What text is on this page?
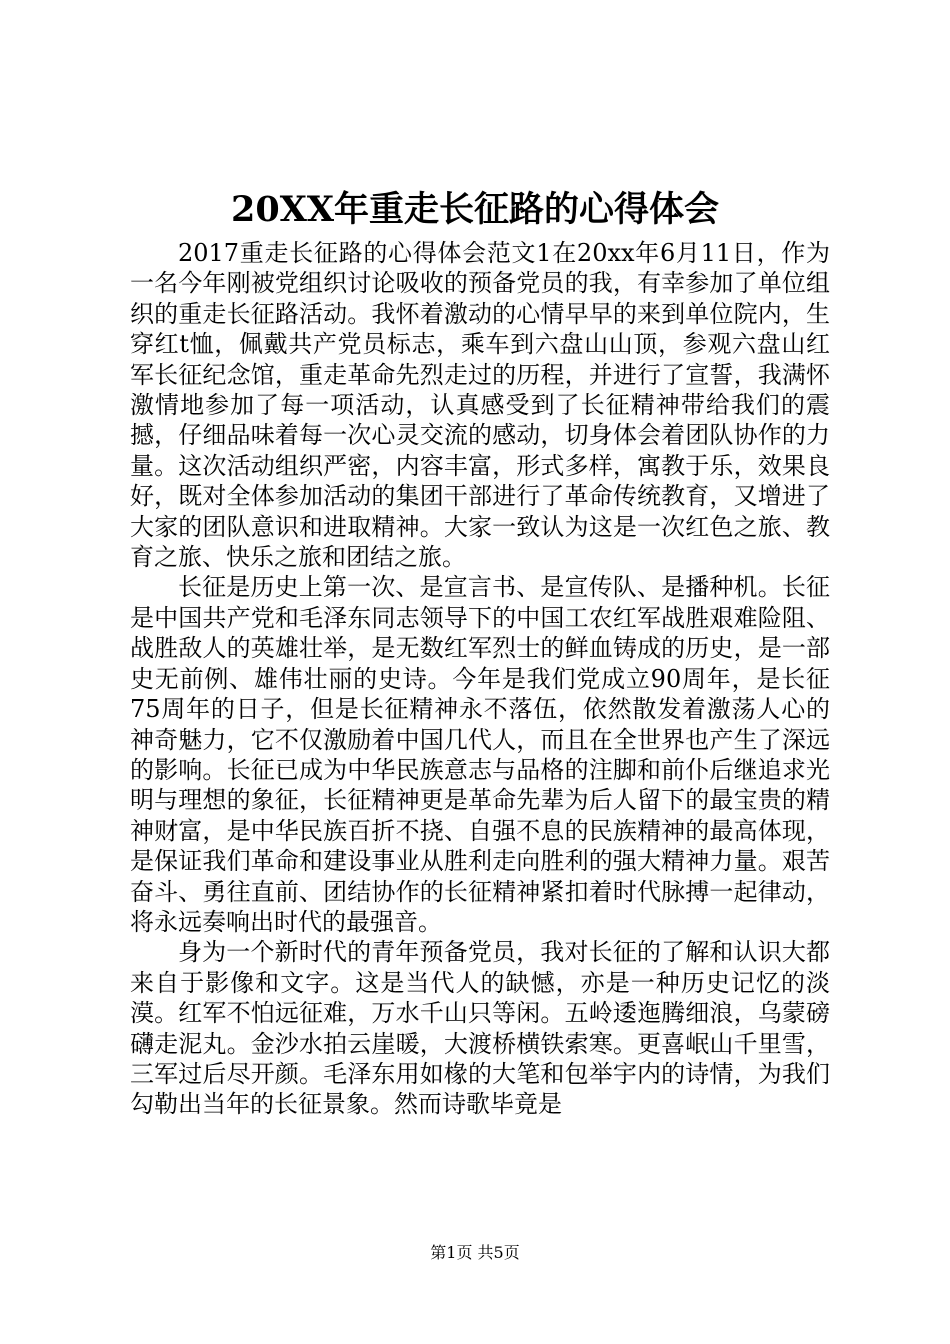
20XX年重走长征路的心得体会

2017重走长征路的心得体会范文1在20xx年6月11日，作为一名今年刚被党组织讨论吸收的预备党员的我，有幸参加了单位组织的重走长征路活动。我怀着激动的心情早早的来到单位院内，生穿红t恤，佩戴共产党员标志，乘车到六盘山山顶，参观六盘山红军长征纪念馆，重走革命先烈走过的历程，并进行了宣誓，我满怀激情地参加了每一项活动，认真感受到了长征精神带给我们的震撼，仔细品味着每一次心灵交流的感动，切身体会着团队协作的力量。这次活动组织严密，内容丰富，形式多样，寓教于乐，效果良好，既对全体参加活动的集团干部进行了革命传统教育，又增进了大家的团队意识和进取精神。大家一致认为这是一次红色之旅、教育之旅、快乐之旅和团结之旅。

长征是历史上第一次、是宣言书、是宣传队、是播种机。长征是中国共产党和毛泽东同志领导下的中国工农红军战胜艰难险阻、战胜敌人的英雄壮举，是无数红军烈士的鲜血铸成的历史，是一部史无前例、雄伟壮丽的史诗。今年是我们党成立90周年，是长征75周年的日子，但是长征精神永不落伍，依然散发着激荡人心的神奇魅力，它不仅激励着中国几代人，而且在全世界也产生了深远的影响。长征已成为中华民族意志与品格的注脚和前仆后继追求光明与理想的象征，长征精神更是革命先辈为后人留下的最宝贵的精神财富，是中华民族百折不挠、自强不息的民族精神的最高体现，是保证我们革命和建设事业从胜利走向胜利的强大精神力量。艰苦奋斗、勇往直前、团结协作的长征精神紧扣着时代脉搏一起律动，将永远奏响出时代的最强音。

身为一个新时代的青年预备党员，我对长征的了解和认识大都来自于影像和文字。这是当代人的缺憾，亦是一种历史记忆的淡漠。红军不怕远征难，万水千山只等闲。五岭逶迤腾细浪，乌蒙磅礴走泥丸。金沙水拍云崖暖，大渡桥横铁索寒。更喜岷山千里雪，三军过后尽开颜。毛泽东用如椽的大笔和包举宇内的诗情，为我们勾勒出当年的长征景象。然而诗歌毕竟是

第1页 共5页
